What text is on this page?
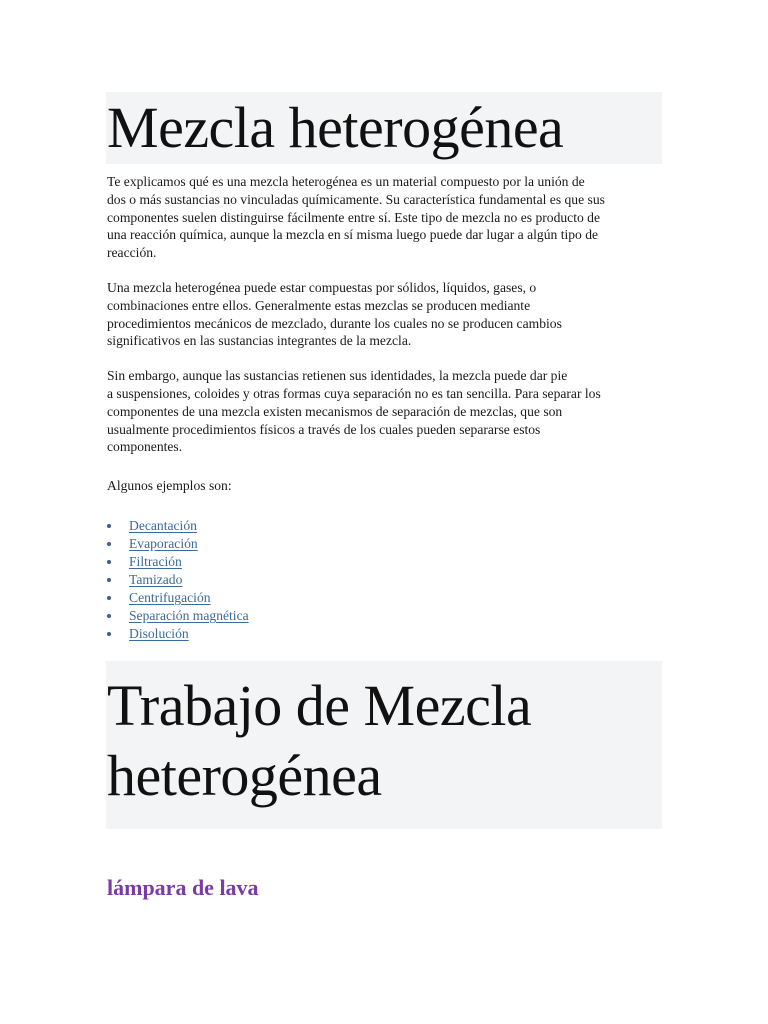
Mezcla heterogénea

Te explicamos qué es una mezcla heterogénea es un material compuesto por la unión de
dos o más sustancias no vinculadas químicamente. Su característica fundamental es que sus
componentes suelen distinguirse fácilmente entre sí. Este tipo de mezcla no es producto de
una reacción química, aunque la mezcla en sí misma luego puede dar lugar a algún tipo de
reacción.

Una mezcla heterogénea puede estar compuestas por sólidos, líquidos, gases, o
combinaciones entre ellos. Generalmente estas mezclas se producen mediante
procedimientos mecánicos de mezclado, durante los cuales no se producen cambios
significativos en las sustancias integrantes de la mezcla.

Sin embargo, aunque las sustancias retienen sus identidades, la mezcla puede dar pie
a suspensiones, coloides y otras formas cuya separación no es tan sencilla. Para separar los
componentes de una mezcla existen mecanismos de separación de mezclas, que son
usualmente procedimientos físicos a través de los cuales pueden separarse estos
componentes.

Algunos ejemplos son:

Decantación
Evaporación
Filtración
Tamizado
Centrifugación
Separación magnética
Disolución
Trabajo de Mezcla
heterogénea
lámpara de lava
